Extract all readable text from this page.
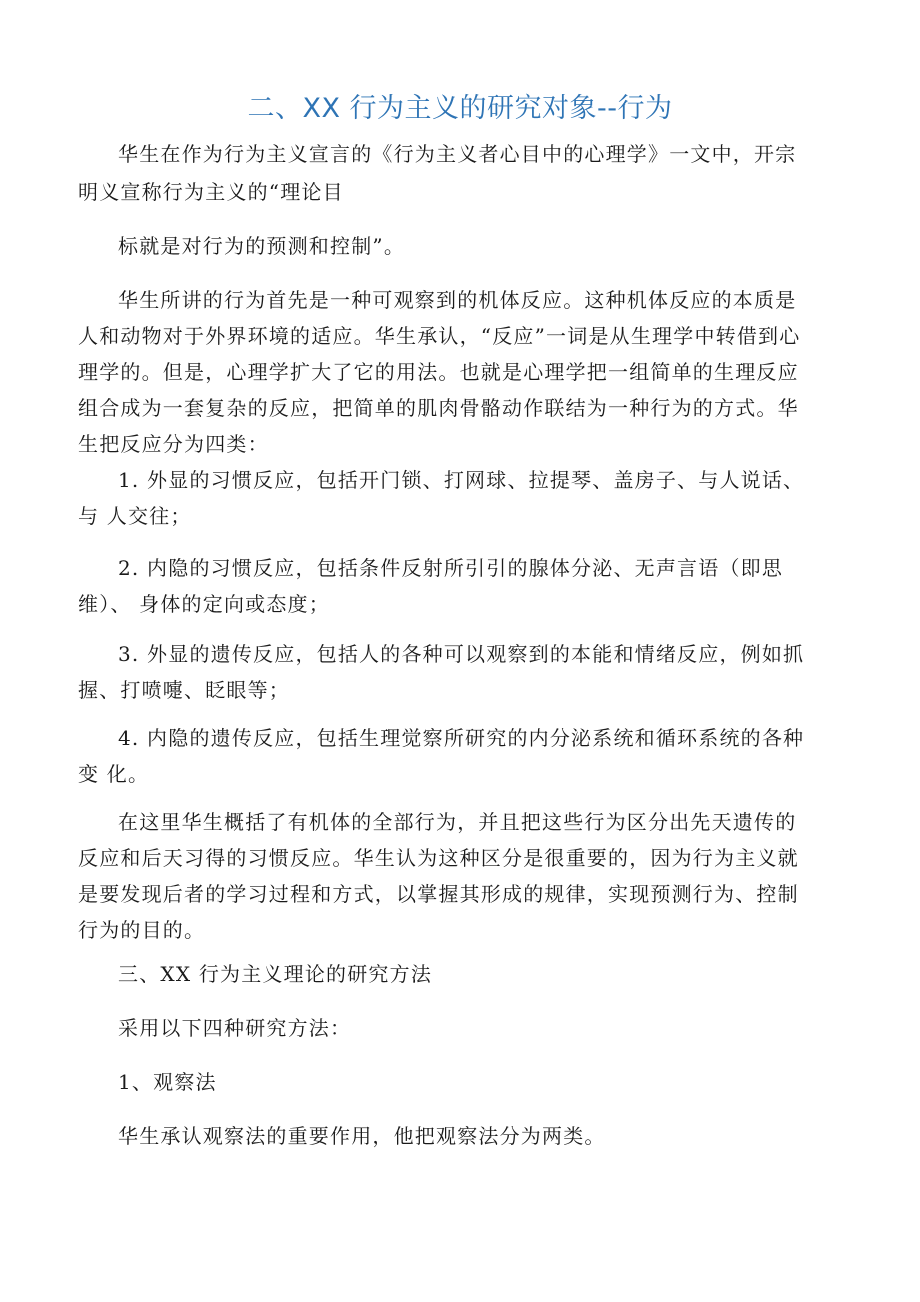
二、XX 行为主义的研究对象--行为
华生在作为行为主义宣言的《行为主义者心目中的心理学》一文中，开宗
明义宣称行为主义的“理论目
标就是对行为的预测和控制”。
华生所讲的行为首先是一种可观察到的机体反应。这种机体反应的本质是
人和动物对于外界环境的适应。华生承认，“反应”一词是从生理学中转借到心
理学的。但是，心理学扩大了它的用法。也就是心理学把一组简单的生理反应
组合成为一套复杂的反应，把简单的肌肉骨骼动作联结为一种行为的方式。华
生把反应分为四类：
1. 外显的习惯反应，包括开门锁、打网球、拉提琴、盖房子、与人说话、
与 人交往；
2. 内隐的习惯反应，包括条件反射所引引的腺体分泌、无声言语（即思
维）、 身体的定向或态度；
3. 外显的遗传反应，包括人的各种可以观察到的本能和情绪反应，例如抓
握、打喷嚏、眨眼等；
4. 内隐的遗传反应，包括生理觉察所研究的内分泌系统和循环系统的各种
变 化。
在这里华生概括了有机体的全部行为，并且把这些行为区分出先天遗传的
反应和后天习得的习惯反应。华生认为这种区分是很重要的，因为行为主义就
是要发现后者的学习过程和方式，以掌握其形成的规律，实现预测行为、控制
行为的目的。
三、XX 行为主义理论的研究方法
采用以下四种研究方法：
1、观察法
华生承认观察法的重要作用，他把观察法分为两类。
